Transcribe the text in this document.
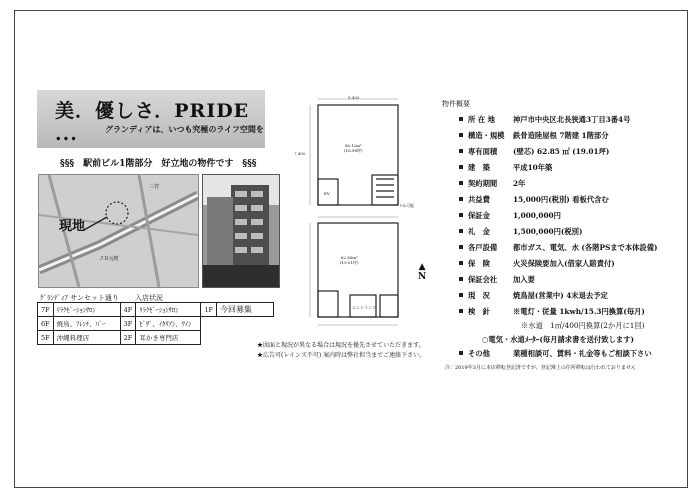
美．優しさ．PRIDE ...	グランディアは、いつも究極のライフ空間を
§§§　駅前ビル1階部分　好立地の物件です　§§§
現地
三宮
ＪＲ元町
ｸﾞﾗﾝﾃﾞｨｱ サンセット通り 入店状況
7F	ﾘﾗｸｾﾞｰｼｮﾝｻﾛﾝ	4F	ﾘﾗｸｾﾞｰｼｮﾝｻﾛﾝ	1F	今回募集
6F	焼鳥、ﾌﾚﾝﾁ、ﾊﾞｰ	3F	ﾋﾟｻﾞ、ｲﾀﾘｱﾝ、ﾜｲﾝ		
5F	沖縄料理店	2F	耳かき専門店		
8,400
7,400
56.12m²
(16.98坪)
62.85m²
(19.01坪)
エントランス
EV
ﾄｲﾚ可能
▲
N
★図面と現況が異なる場合は現況を優先させていただきます。
★広告可(レインズ不可) 案内時は弊社担当までご連絡下さい。
物件概要
所 在 地 神戸市中央区北長狭通3丁目3番4号
構造・規模 鉄骨造陸屋根 7階建 1階部分
専有面積 (壁芯) 62.85 ㎡ (19.01坪)
建　築	平成10年築
契約期間 2年
共益費	15,000円(税別) 看板代含む
保証金	1,000,000円
礼　金	1,500,000円(税別)
各戸設備 都市ガス、電気、水 (各階PSまで本体設備)
保　険	火災保険要加入(借家人賠責付)
保証会社 加入要
現　況	焼鳥屋(営業中) 4末退去予定
検　針	※電灯・従量 1kwh/15.3円換算(毎月)
※水道　1㎥/400円換算(2か月に1回)
○電気・水道ﾒｰﾀｰ(毎月請求書を送付致します)
その他	業種相談可、賃料・礼金等もご相談下さい
注：2019年3月に本店移転登記済ですが、登記簿上の住所移転は行われておりません
